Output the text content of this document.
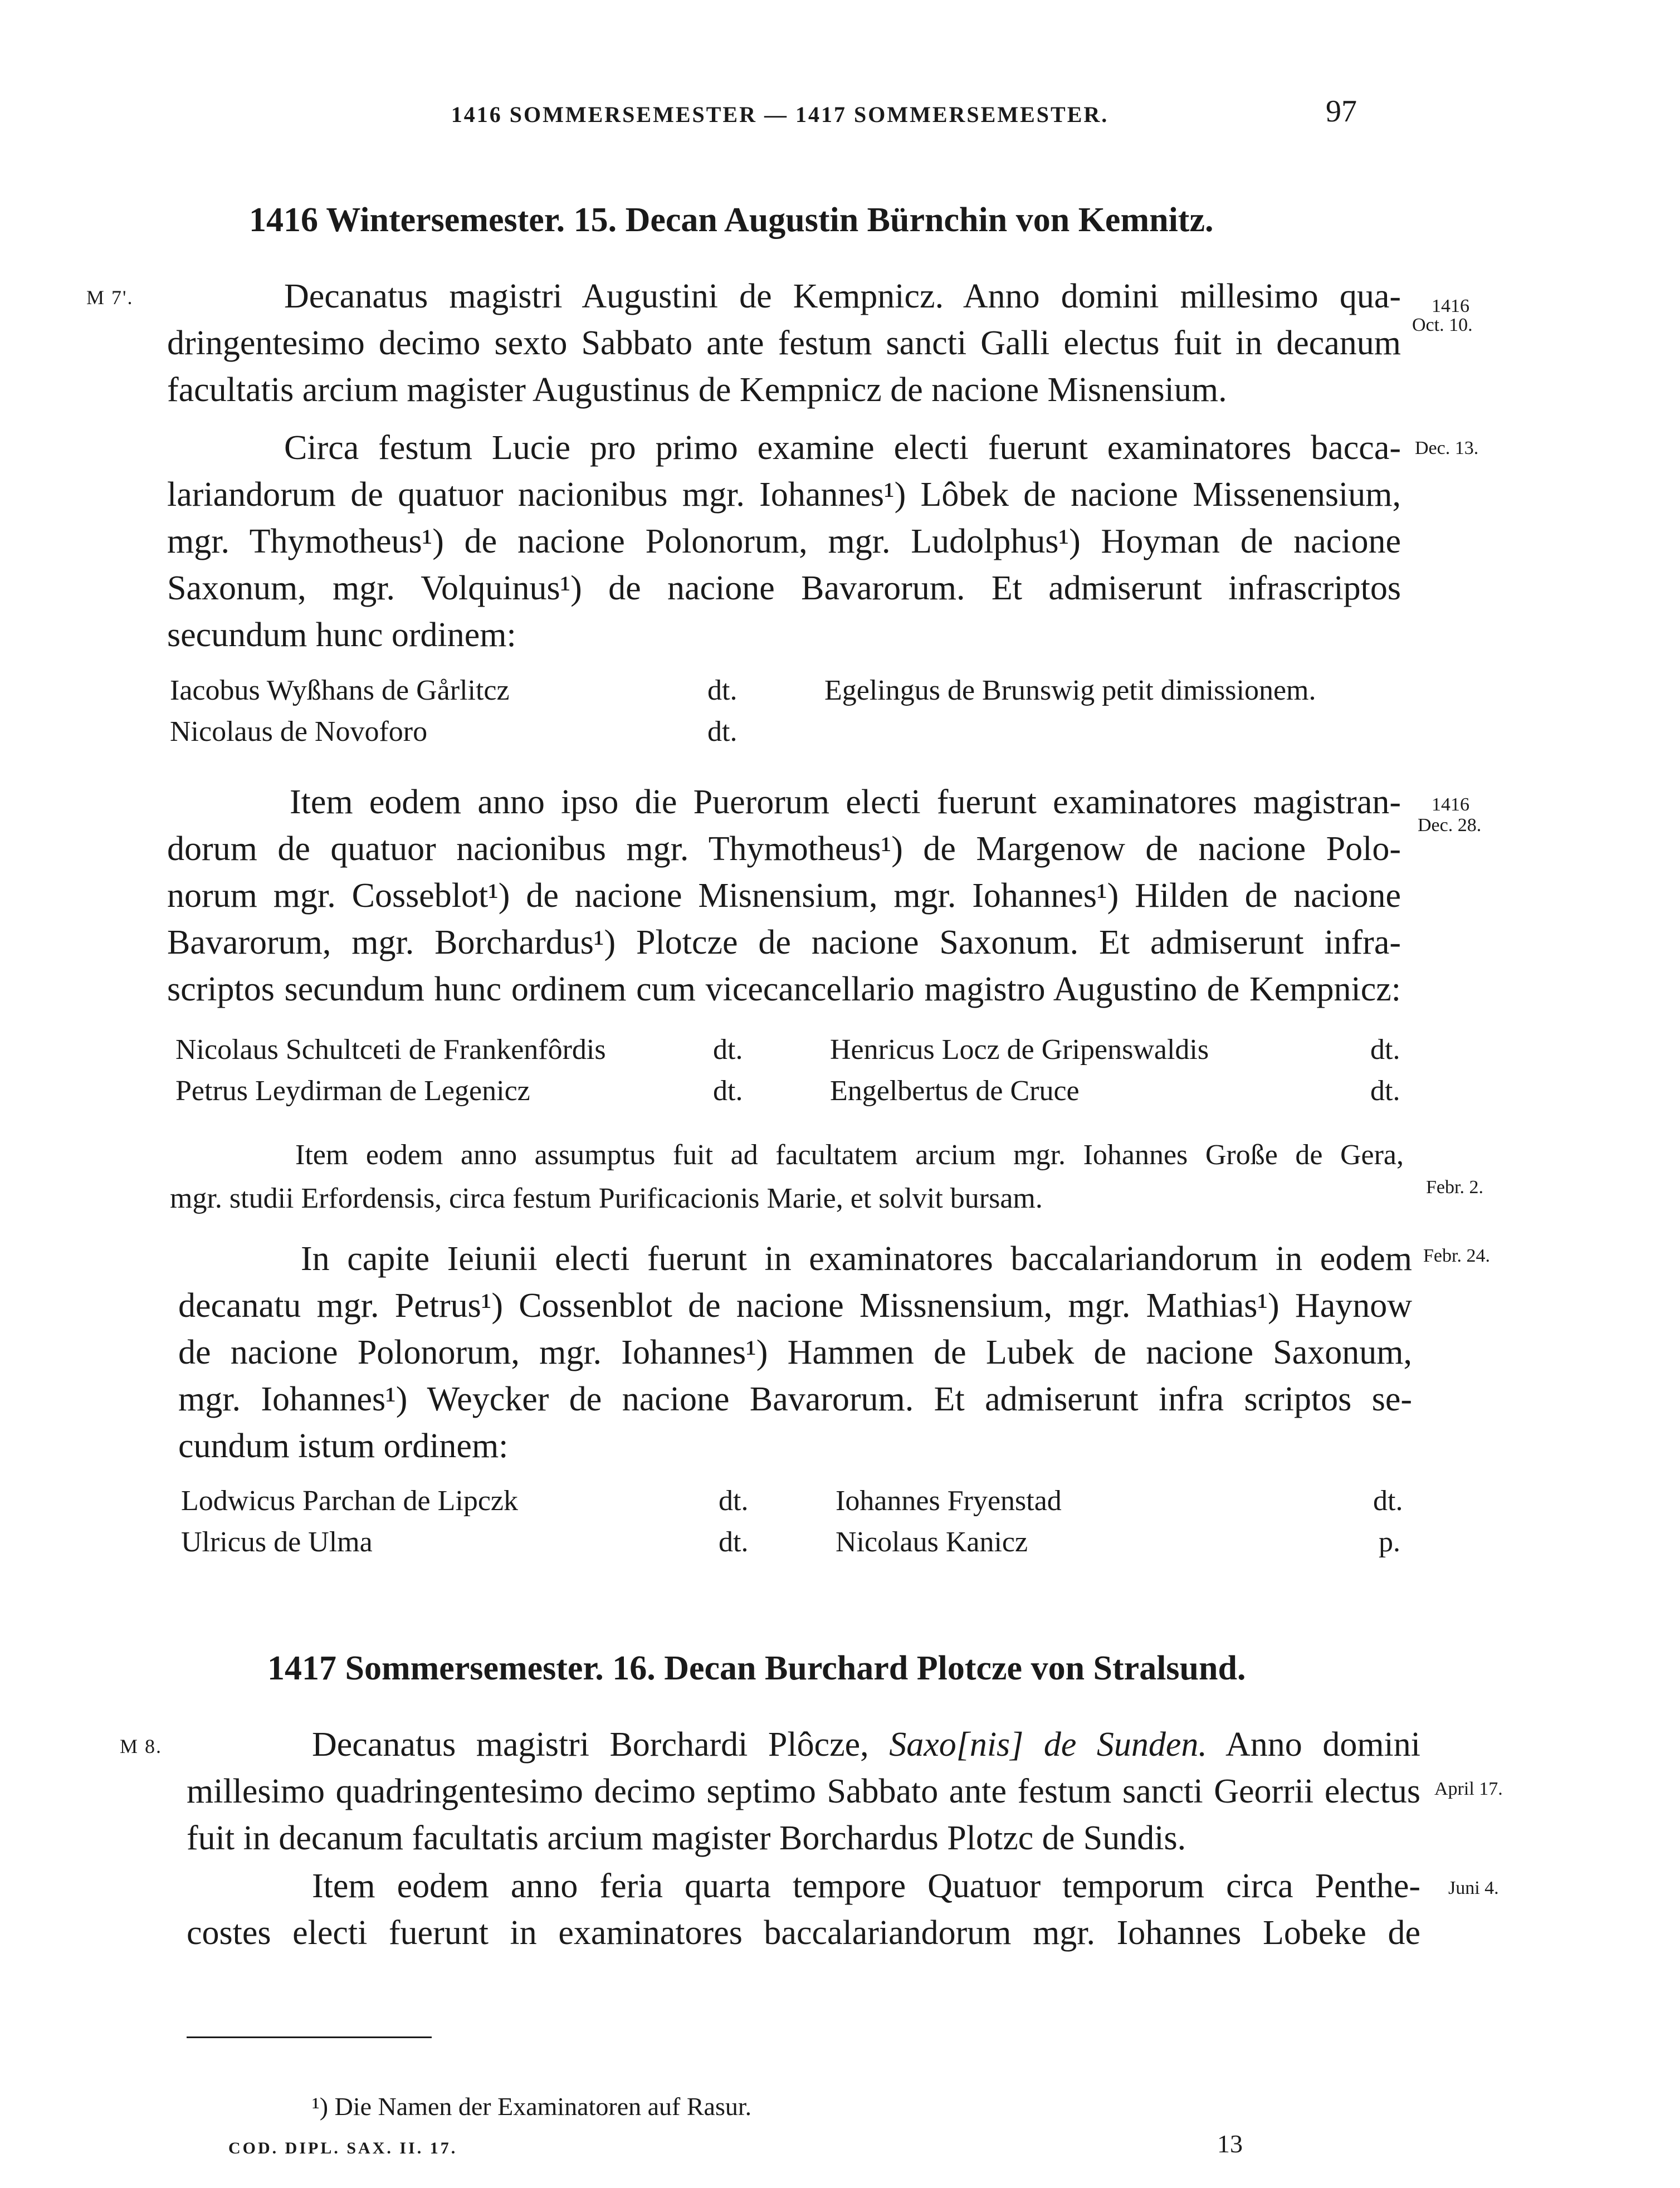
1416 SOMMERSEMESTER — 1417 SOMMERSEMESTER.	97
1416 Wintersemester. 15. Decan Augustin Bürnchin von Kemnitz.
M 7'.	1416
Oct. 10.
Decanatus magistri Augustini de Kempnicz. Anno domini millesimo qua-
dringentesimo decimo sexto Sabbato ante festum sancti Galli electus fuit in decanum
facultatis arcium magister Augustinus de Kempnicz de nacione Misnensium.
Dec. 13.
Circa festum Lucie pro primo examine electi fuerunt examinatores bacca-
lariandorum de quatuor nacionibus mgr. Iohannes¹) Lôbek de nacione Missenensium,
mgr. Thymotheus¹) de nacione Polonorum, mgr. Ludolphus¹) Hoyman de nacione
Saxonum, mgr. Volquinus¹) de nacione Bavarorum. Et admiserunt infrascriptos
secundum hunc ordinem:
Iacobus Wyßhans de Gårlitcz	dt.	Egelingus de Brunswig petit dimissionem.
Nicolaus de Novoforo	dt.
1416
Dec. 28.
Item eodem anno ipso die Puerorum electi fuerunt examinatores magistran-
dorum de quatuor nacionibus mgr. Thymotheus¹) de Margenow de nacione Polo-
norum mgr. Cosseblot¹) de nacione Misnensium, mgr. Iohannes¹) Hilden de nacione
Bavarorum, mgr. Borchardus¹) Plotcze de nacione Saxonum. Et admiserunt infra-
scriptos secundum hunc ordinem cum vicecancellario magistro Augustino de Kempnicz:
Nicolaus Schultceti de Frankenfôrdis	dt.	Henricus Locz de Gripenswaldis	dt.
Petrus Leydirman de Legenicz	dt.	Engelbertus de Cruce	dt.
Item eodem anno assumptus fuit ad facultatem arcium mgr. Iohannes Große de Gera,
mgr. studii Erfordensis, circa festum Purificacionis Marie, et solvit bursam.	Febr. 2.
In capite Ieiunii electi fuerunt in examinatores baccalariandorum in eodem
decanatu mgr. Petrus¹) Cossenblot de nacione Missnensium, mgr. Mathias¹) Haynow
de nacione Polonorum, mgr. Iohannes¹) Hammen de Lubek de nacione Saxonum,
mgr. Iohannes¹) Weycker de nacione Bavarorum. Et admiserunt infra scriptos se-
cundum istum ordinem:
Febr. 24.
Lodwicus Parchan de Lipczk	dt.	Iohannes Fryenstad	dt.
Ulricus de Ulma	dt.	Nicolaus Kanicz	p.
1417 Sommersemester. 16. Decan Burchard Plotcze von Stralsund.
M 8.
April 17.
Decanatus magistri Borchardi Plôcze, Saxo[nis] de Sunden. Anno domini
millesimo quadringentesimo decimo septimo Sabbato ante festum sancti Georrii electus
fuit in decanum facultatis arcium magister Borchardus Plotzc de Sundis.
Item eodem anno feria quarta tempore Quatuor temporum circa Penthe-
costes electi fuerunt in examinatores baccalariandorum mgr. Iohannes Lobeke de
Juni 4.
¹) Die Namen der Examinatoren auf Rasur.
COD. DIPL. SAX. II. 17.	13
